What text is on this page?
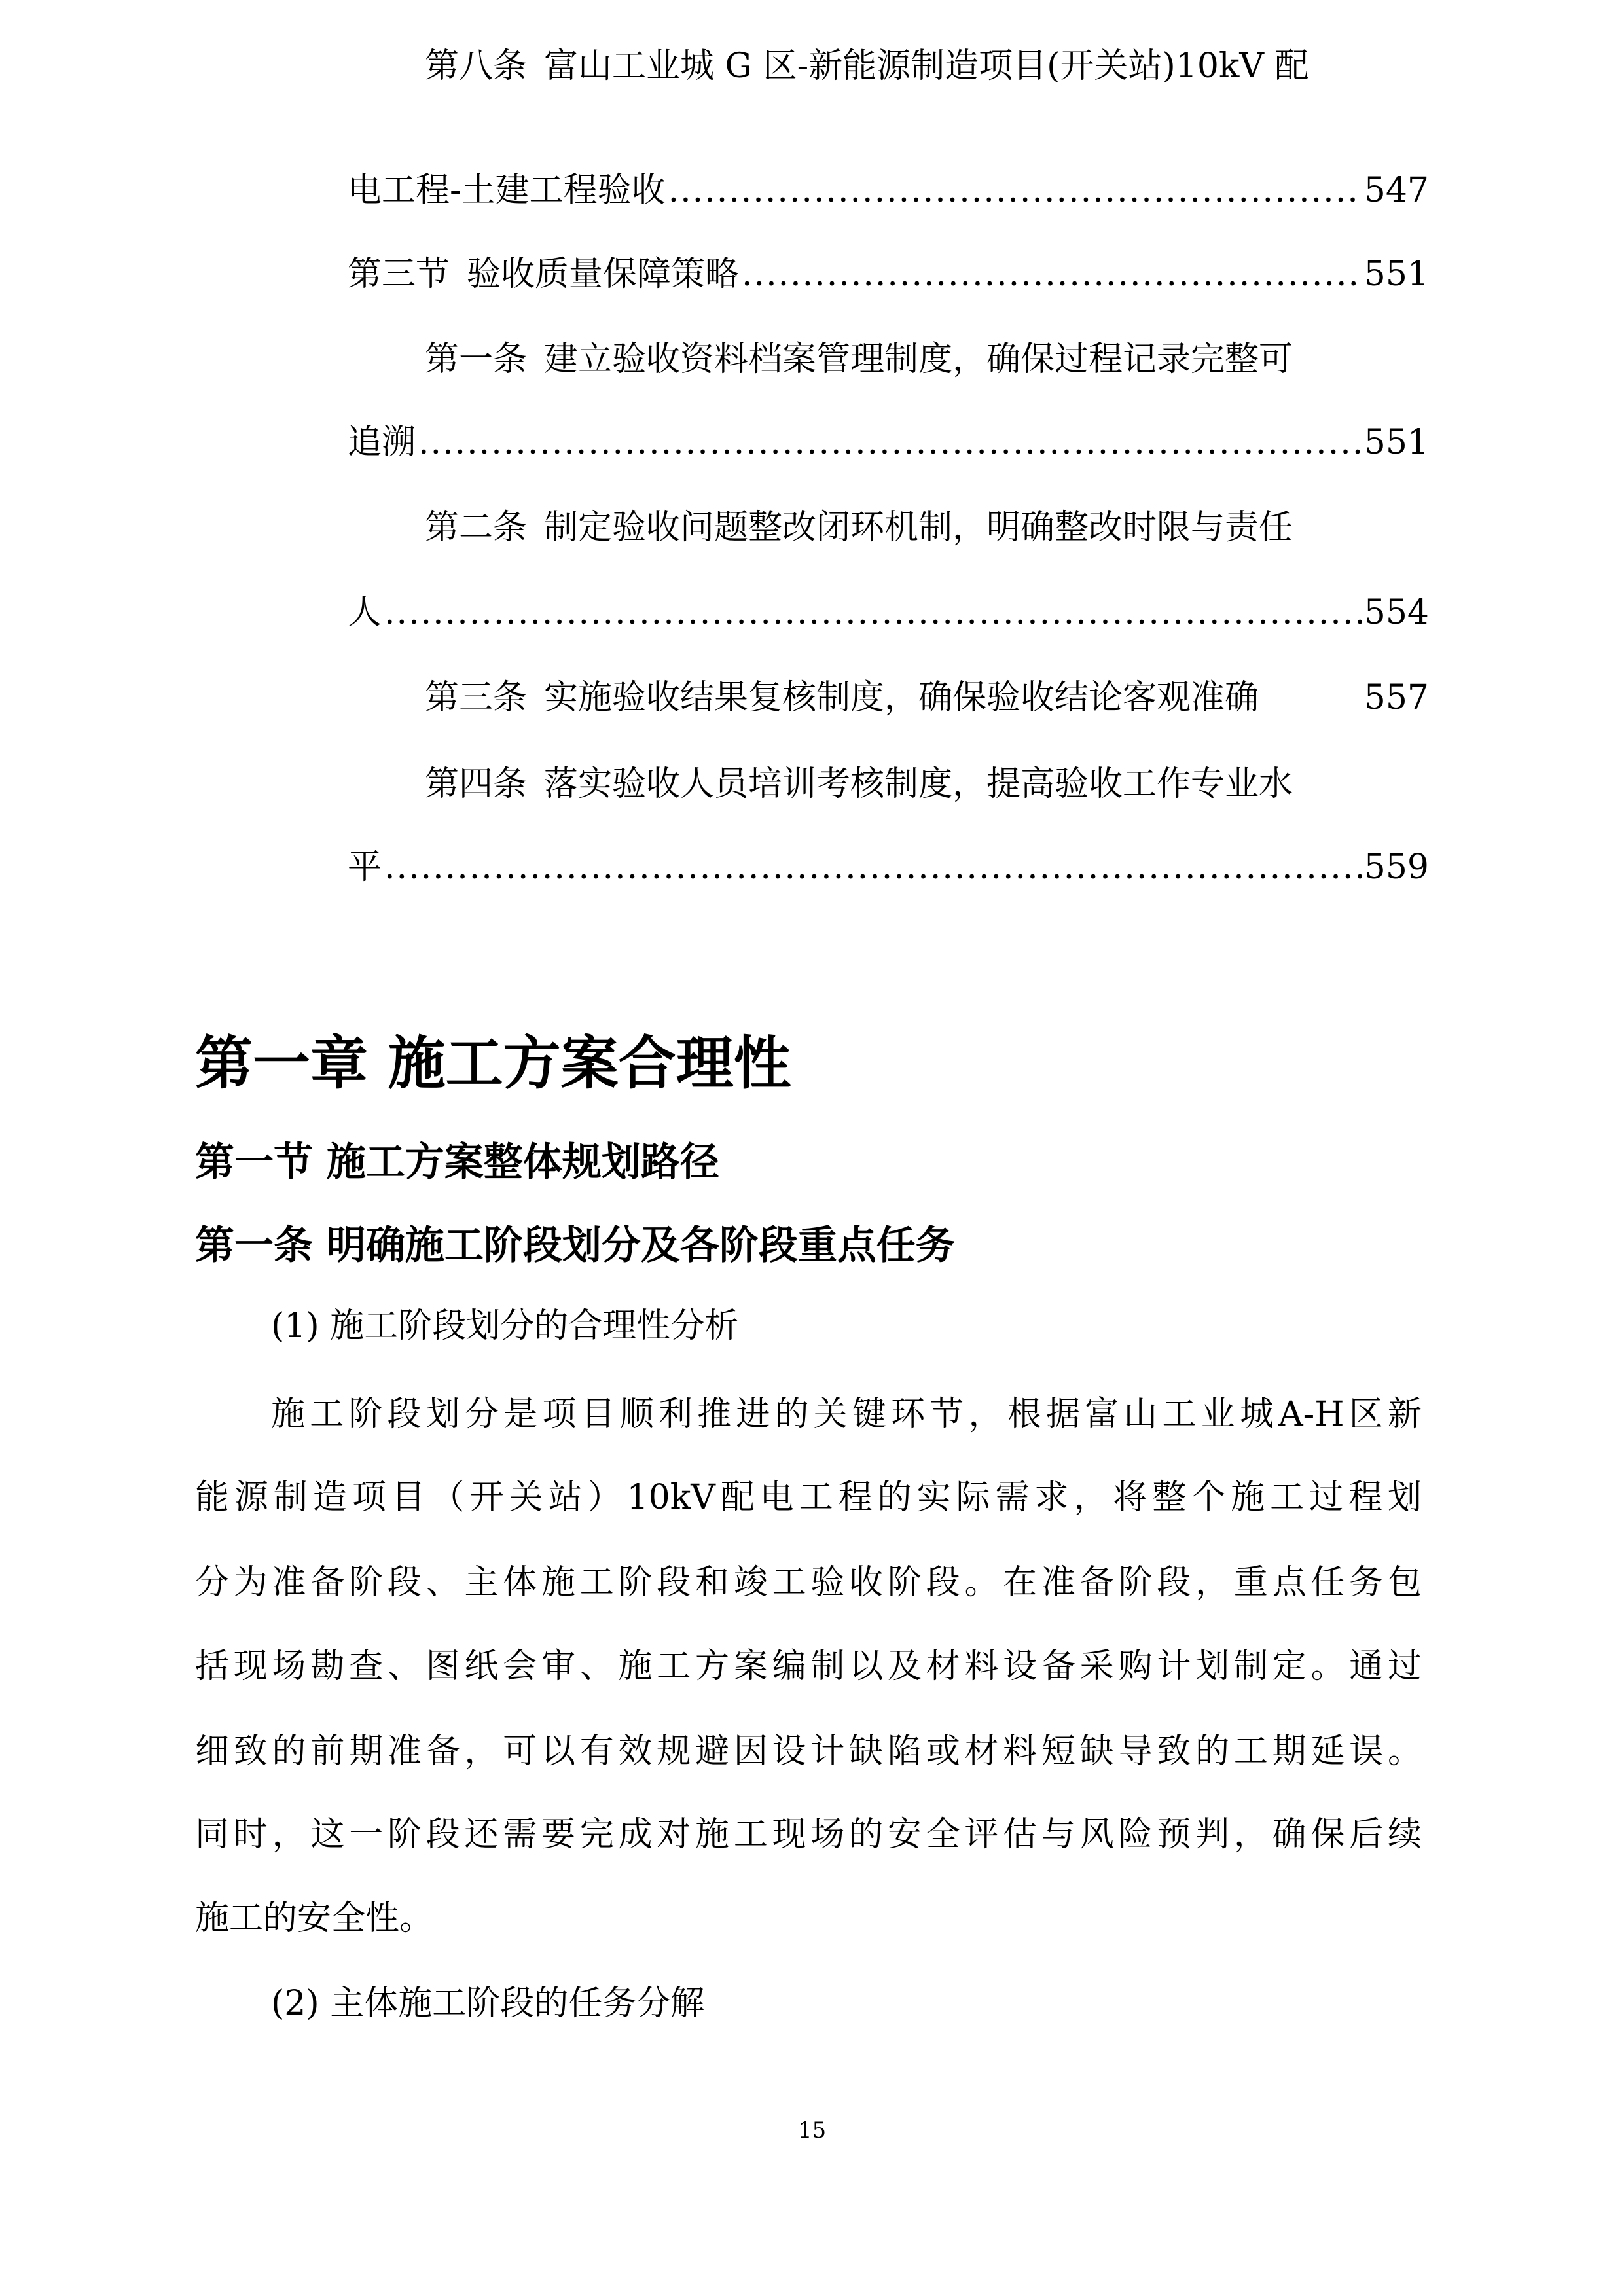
第八条 富山工业城 G 区-新能源制造项目(开关站)10kV 配
电工程-土建工程验收 .....	547
第三节 验收质量保障策略 .....	551
第一条 建立验收资料档案管理制度，确保过程记录完整可
追溯 .....	551
第二条 制定验收问题整改闭环机制，明确整改时限与责任
人 .....	554
第三条 实施验收结果复核制度，确保验收结论客观准确	557
第四条 落实验收人员培训考核制度，提高验收工作专业水
平 .....	559
第一章 施工方案合理性
第一节 施工方案整体规划路径
第一条 明确施工阶段划分及各阶段重点任务
(1) 施工阶段划分的合理性分析
施工阶段划分是项目顺利推进的关键环节，根据富山工业城A-H区新
能源制造项目（开关站）10kV配电工程的实际需求，将整个施工过程划
分为准备阶段、主体施工阶段和竣工验收阶段。在准备阶段，重点任务包
括现场勘查、图纸会审、施工方案编制以及材料设备采购计划制定。通过
细致的前期准备，可以有效规避因设计缺陷或材料短缺导致的工期延误。
同时，这一阶段还需要完成对施工现场的安全评估与风险预判，确保后续
施工的安全性。
(2) 主体施工阶段的任务分解
15
